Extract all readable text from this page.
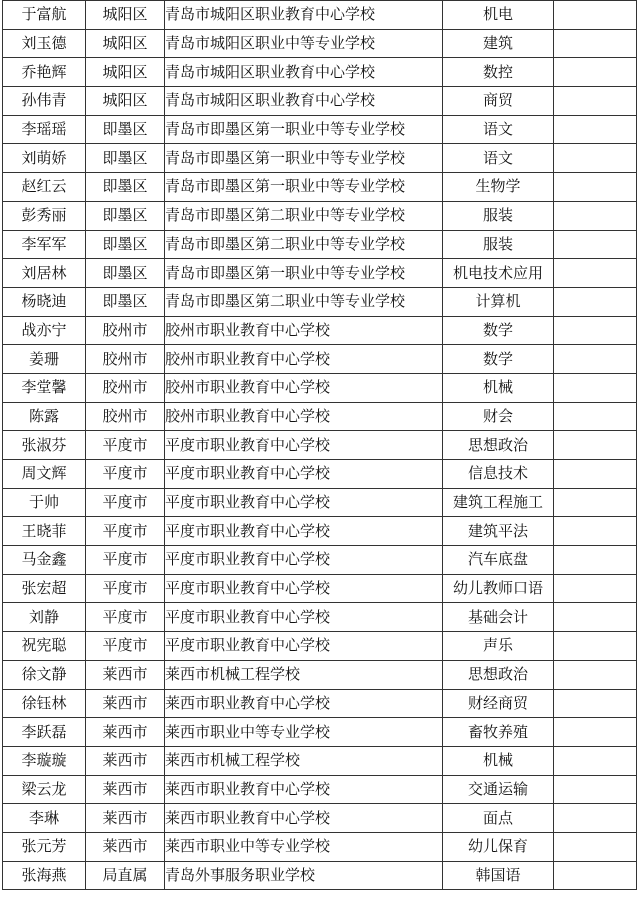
于富航	城阳区	青岛市城阳区职业教育中心学校	机电	
刘玉德	城阳区	青岛市城阳区职业中等专业学校	建筑	
乔艳辉	城阳区	青岛市城阳区职业教育中心学校	数控	
孙伟青	城阳区	青岛市城阳区职业教育中心学校	商贸	
李瑶瑶	即墨区	青岛市即墨区第一职业中等专业学校	语文	
刘萌娇	即墨区	青岛市即墨区第一职业中等专业学校	语文	
赵红云	即墨区	青岛市即墨区第一职业中等专业学校	生物学	
彭秀丽	即墨区	青岛市即墨区第二职业中等专业学校	服装	
李军军	即墨区	青岛市即墨区第二职业中等专业学校	服装	
刘居林	即墨区	青岛市即墨区第一职业中等专业学校	机电技术应用	
杨晓迪	即墨区	青岛市即墨区第二职业中等专业学校	计算机	
战亦宁	胶州市	胶州市职业教育中心学校	数学	
姜珊	胶州市	胶州市职业教育中心学校	数学	
李堂馨	胶州市	胶州市职业教育中心学校	机械	
陈露	胶州市	胶州市职业教育中心学校	财会	
张淑芬	平度市	平度市职业教育中心学校	思想政治	
周文辉	平度市	平度市职业教育中心学校	信息技术	
于帅	平度市	平度市职业教育中心学校	建筑工程施工	
王晓菲	平度市	平度市职业教育中心学校	建筑平法	
马金鑫	平度市	平度市职业教育中心学校	汽车底盘	
张宏超	平度市	平度市职业教育中心学校	幼儿教师口语	
刘静	平度市	平度市职业教育中心学校	基础会计	
祝宪聪	平度市	平度市职业教育中心学校	声乐	
徐文静	莱西市	莱西市机械工程学校	思想政治	
徐钰林	莱西市	莱西市职业教育中心学校	财经商贸	
李跃磊	莱西市	莱西市职业中等专业学校	畜牧养殖	
李璇璇	莱西市	莱西市机械工程学校	机械	
梁云龙	莱西市	莱西市职业教育中心学校	交通运输	
李琳	莱西市	莱西市职业教育中心学校	面点	
张元芳	莱西市	莱西市职业中等专业学校	幼儿保育	
张海燕	局直属	青岛外事服务职业学校	韩国语	
